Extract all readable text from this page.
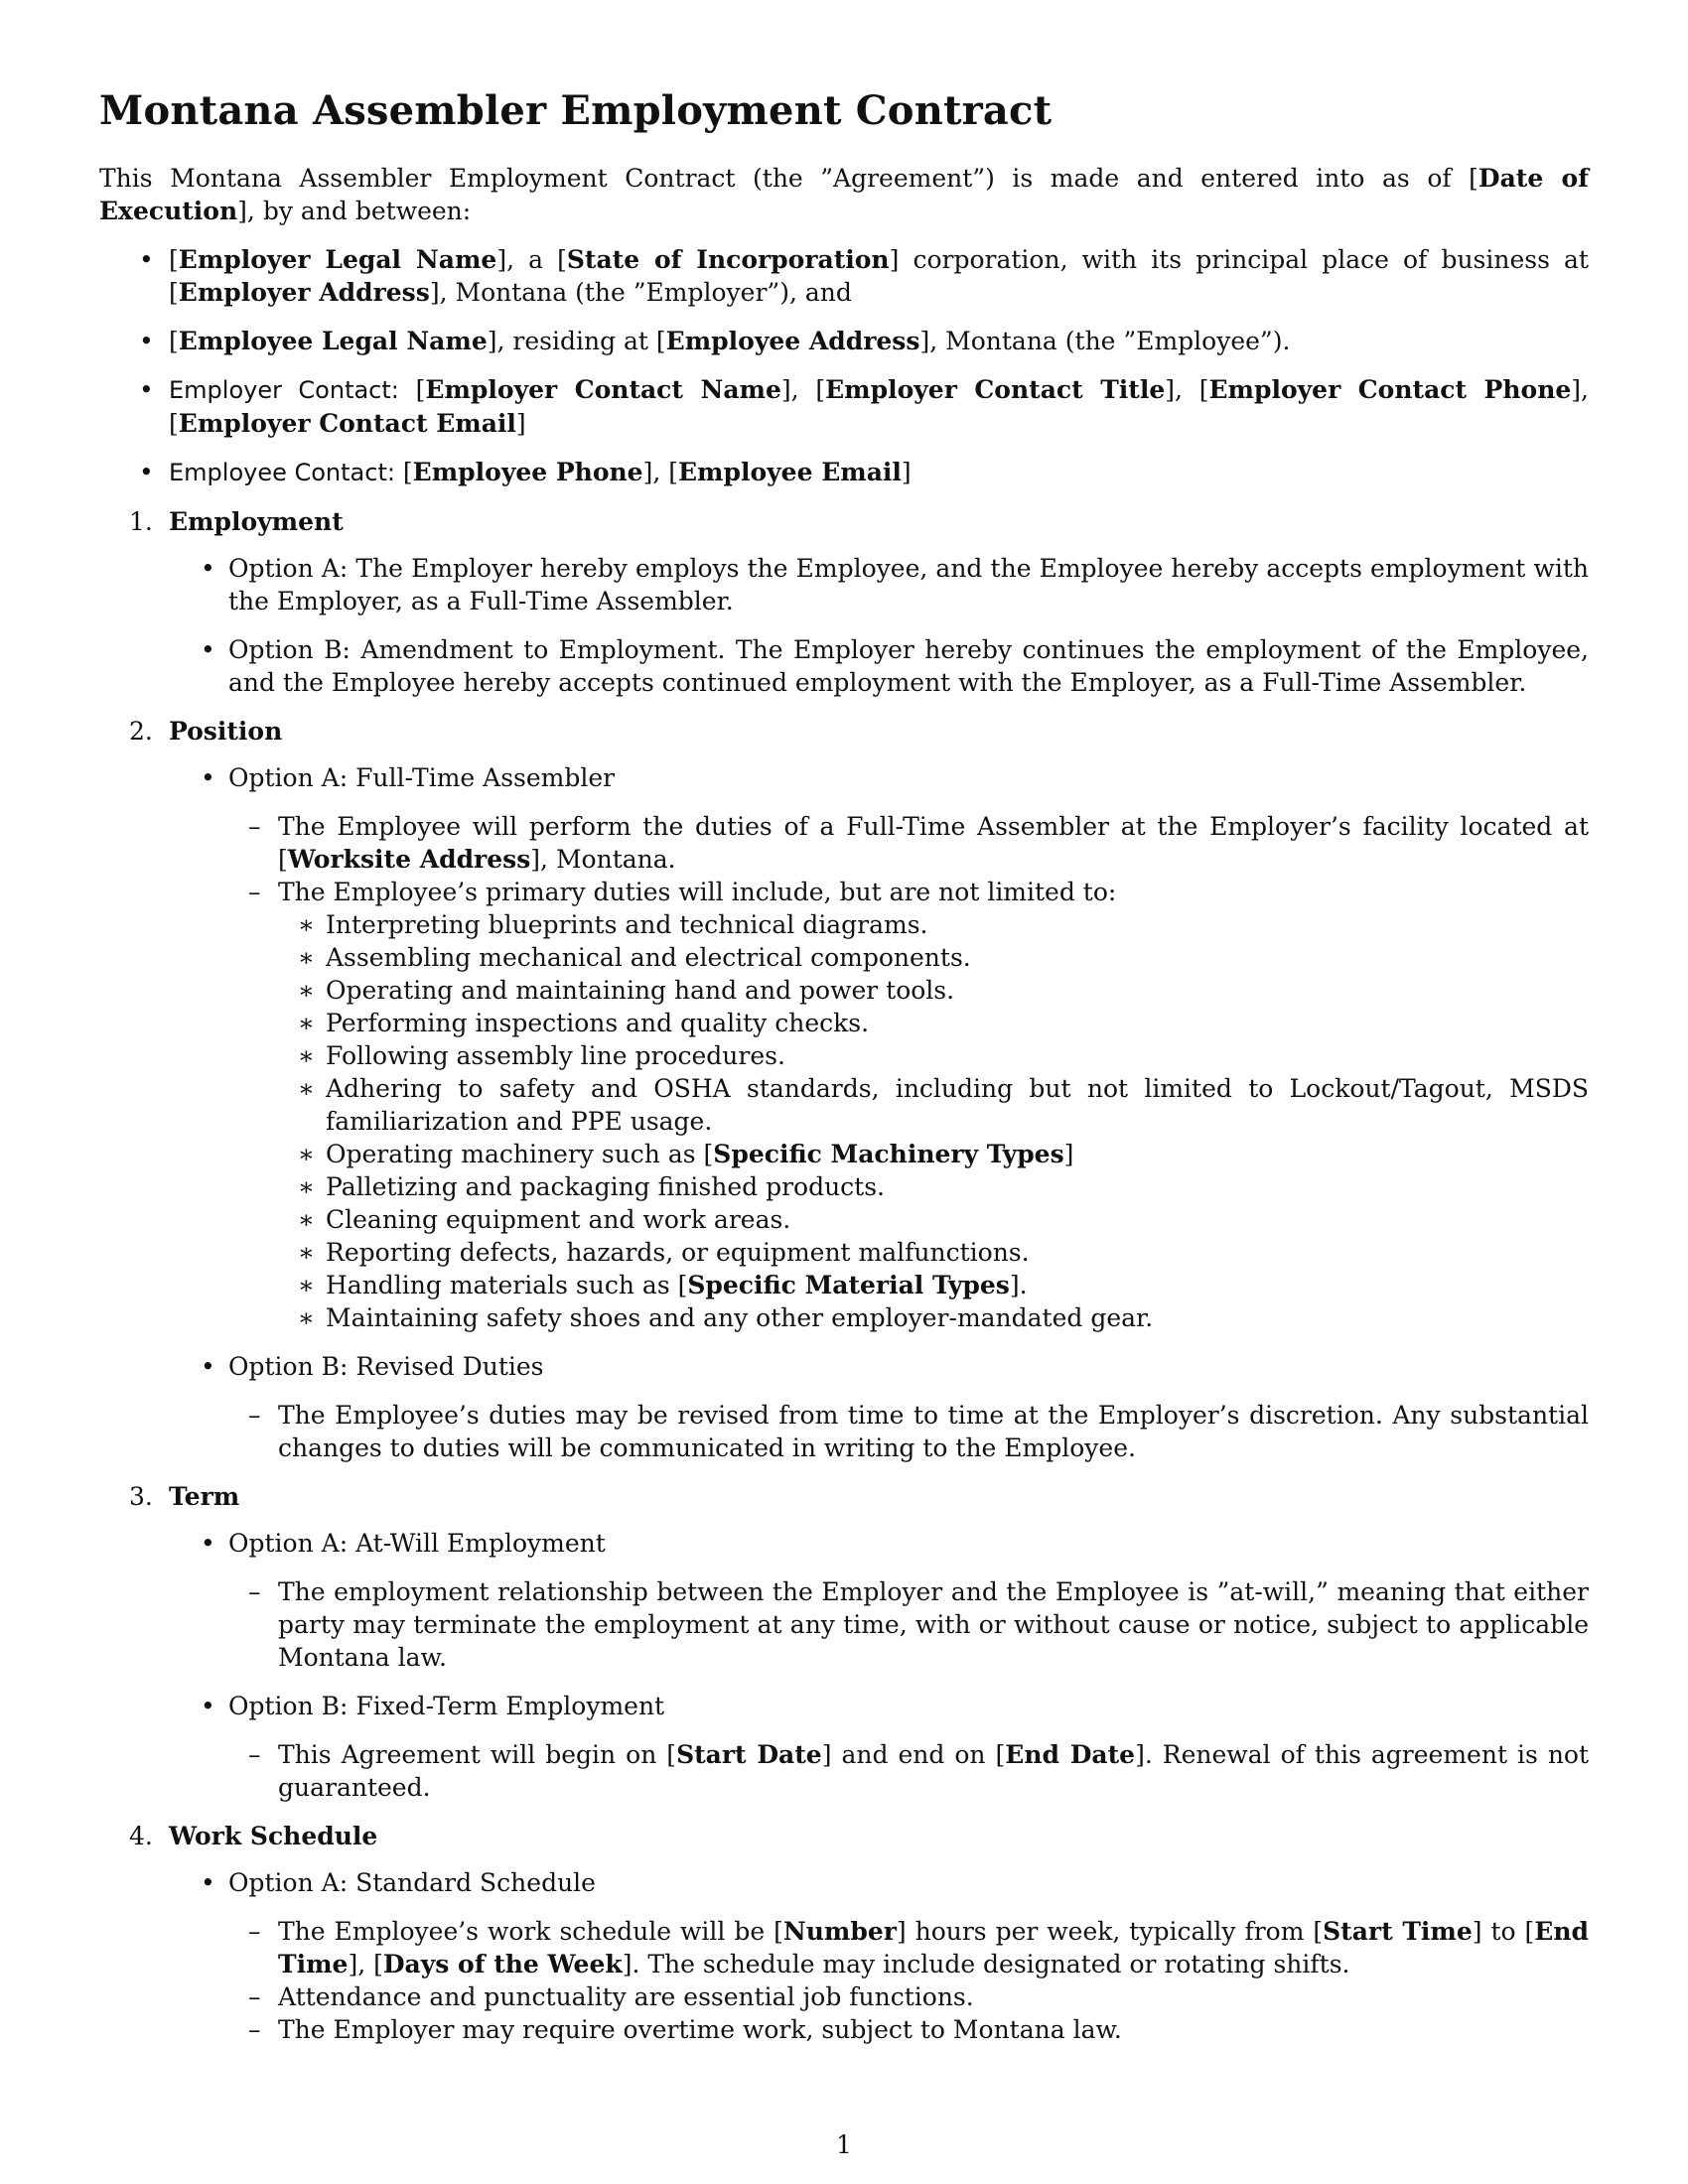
Montana Assembler Employment Contract

This Montana Assembler Employment Contract (the ”Agreement”) is made and entered into as of [Date of Execution], by and between:

• [Employer Legal Name], a [State of Incorporation] corporation, with its principal place of business at [Employer Address], Montana (the ”Employer”), and
• [Employee Legal Name], residing at [Employee Address], Montana (the ”Employee”).
• Employer Contact: [Employer Contact Name], [Employer Contact Title], [Employer Contact Phone], [Employer Contact Email]
• Employee Contact: [Employee Phone], [Employee Email]
1. Employment
• Option A: The Employer hereby employs the Employee, and the Employee hereby accepts employment with the Employer, as a Full-Time Assembler.
• Option B: Amendment to Employment. The Employer hereby continues the employment of the Employee, and the Employee hereby accepts continued employment with the Employer, as a Full-Time Assembler.
2. Position
• Option A: Full-Time Assembler
– The Employee will perform the duties of a Full-Time Assembler at the Employer’s facility located at [Worksite Address], Montana.
– The Employee’s primary duties will include, but are not limited to:
∗ Interpreting blueprints and technical diagrams.
∗ Assembling mechanical and electrical components.
∗ Operating and maintaining hand and power tools.
∗ Performing inspections and quality checks.
∗ Following assembly line procedures.
∗ Adhering to safety and OSHA standards, including but not limited to Lockout/Tagout, MSDS familiarization and PPE usage.
∗ Operating machinery such as [Specific Machinery Types]
∗ Palletizing and packaging finished products.
∗ Cleaning equipment and work areas.
∗ Reporting defects, hazards, or equipment malfunctions.
∗ Handling materials such as [Specific Material Types].
∗ Maintaining safety shoes and any other employer-mandated gear.
• Option B: Revised Duties
– The Employee’s duties may be revised from time to time at the Employer’s discretion. Any substantial changes to duties will be communicated in writing to the Employee.
3. Term
• Option A: At-Will Employment
– The employment relationship between the Employer and the Employee is ”at-will,” meaning that either party may terminate the employment at any time, with or without cause or notice, subject to applicable Montana law.
• Option B: Fixed-Term Employment
– This Agreement will begin on [Start Date] and end on [End Date]. Renewal of this agreement is not guaranteed.
4. Work Schedule
• Option A: Standard Schedule
– The Employee’s work schedule will be [Number] hours per week, typically from [Start Time] to [End Time], [Days of the Week]. The schedule may include designated or rotating shifts.
– Attendance and punctuality are essential job functions.
– The Employer may require overtime work, subject to Montana law.
1
